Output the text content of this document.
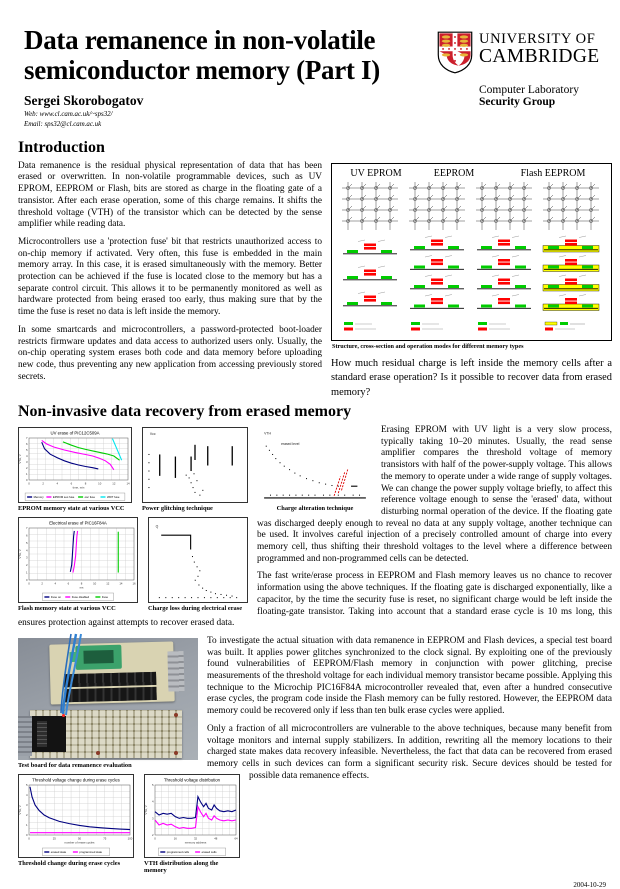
Data remanence in non-volatile
semiconductor memory (Part I)
UNIVERSITY OF
CAMBRIDGE
Computer Laboratory
Security Group
Sergei Skorobogatov
Web: www.cl.cam.ac.uk/~sps32/
Email: sps32@cl.cam.ac.uk
Introduction
UV EPROM	EEPROM	Flash EEPROM
Structure, cross-section and operation modes for different memory types
How much residual charge is left inside the memory cells after a standard erase operation? Is it possible to recover data from erased memory?

Data remanence is the residual physical representation of data that has been erased or overwritten. In non-volatile programmable devices, such as UV EPROM, EEPROM or Flash, bits are stored as charge in the floating gate of a transistor. After each erase operation, some of this charge remains. It shifts the threshold voltage (VTH) of the transistor which can be detected by the sense amplifier while reading data.

Microcontrollers use a 'protection fuse' bit that restricts unauthorized access to on-chip memory if activated. Very often, this fuse is embedded in the main memory array. In this case, it is erased simultaneously with the memory. Better protection can be achieved if the fuse is located close to the memory but has a separate control circuit. This allows it to be permanently monitored as well as hardware protected from being erased too early, thus making sure that by the time the fuse is reset no data is left inside the memory.

In some smartcards and microcontrollers, a password-protected boot-loader restricts firmware updates and data access to authorized users only. Usually, the on-chip operating system erases both code and data memory before uploading new code, thus preventing any new application from accessing previously stored secrets.

Non-invasive data recovery from erased memory
UV erase of PIC12C509A
0	2	4	6	8	10	12	14
0
1
2
3
4
5
6
7
time, min
VTH, V
Memory	EPROM sec.fuse	osc fuse	WDT fuse
EPROM memory state at various VCC

Vcc
Power glitching technique

VTH
erased level
Charge alteration technique
Electrical erase of PIC16F84A
0	2	4	6	8	10	12	14	16
0
1
2
3
4
5
6
7
ms
VTH, V
Fuse on	Fuse disabled	Fuse
Flash memory state at various VCC

Q
Charge loss during electrical erase

Erasing EPROM with UV light is a very slow process, typically taking 10–20 minutes. Usually, the read sense amplifier compares the threshold voltage of memory transistors with half of the power-supply voltage. This allows the memory to operate under a wide range of supply voltages. We can change the power supply voltage briefly, to affect this reference voltage enough to sense the 'erased' data, without disturbing normal operation of the device. If the floating gate was discharged deeply enough to reveal no data at any supply voltage, another technique can be used. It involves careful injection of a precisely controlled amount of charge into every memory cell, thus shifting their threshold voltages to the level where a difference between programmed and non-programmed cells can be detected.

The fast write/erase process in EEPROM and Flash memory leaves us no chance to recover information using the above techniques. If the floating gate is discharged exponentially, like a capacitor, by the time the security fuse is reset, no significant charge would be left inside the floating-gate transistor. Taking into account that a standard erase cycle is 10 ms long, this ensures protection against attempts to recover erased data.

Test board for data remanence evaluation

To investigate the actual situation with data remanence in EEPROM and Flash devices, a special test board was built. It applies power glitches synchronized to the clock signal. By exploiting one of the previously found vulnerabilities of EEPROM/Flash memory in conjunction with power glitching, precise measurements of the threshold voltage for each individual memory transistor became possible. Applying this technique to the Microchip PIC16F84A microcontroller revealed that, even after a hundred consecutive erase cycles, the program code inside the Flash memory can be fully restored. However, the EEPROM data memory could be recovered only if less than ten bulk erase cycles were applied.

Threshold voltage change during erase cycles
0	25	50	75	100
0
1
2
3
4
5
number of erase cycles
VTH, V
erased state	programmed state
Threshold change during erase cycles

Threshold voltage distribution
0	16	32	48	64
2
3
4
5
memory address
VTH, V
programmed cells	erased cells
VTH distribution along the memory

Only a fraction of all microcontrollers are vulnerable to the above techniques, because many benefit from voltage monitors and internal supply stabilizers. In addition, rewriting all the memory locations to their charged state makes data recovery infeasible. Nevertheless, the fact that data can be recovered from erased memory cells in such devices can form a significant security risk. Secure devices should be tested for possible data remanence effects.

2004-10-29
